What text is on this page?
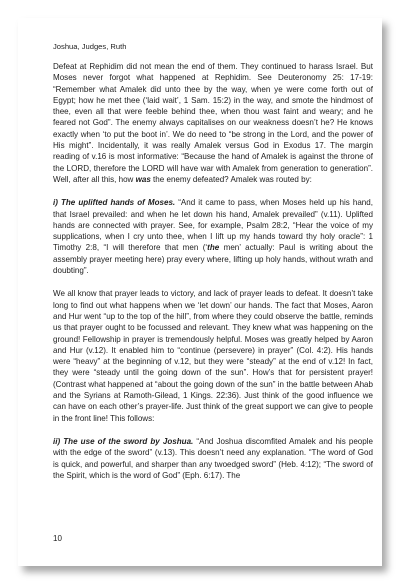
Joshua, Judges, Ruth

Defeat at Rephidim did not mean the end of them. They continued to harass Israel. But Moses never forgot what happened at Rephidim. See Deuteronomy 25: 17-19: “Remember what Amalek did unto thee by the way, when ye were come forth out of Egypt; how he met thee (‘laid wait’, 1 Sam. 15:2) in the way, and smote the hindmost of thee, even all that were feeble behind thee, when thou wast faint and weary; and he feared not God”. The enemy always capitalises on our weakness doesn’t he? He knows exactly when ‘to put the boot in’. We do need to “be strong in the Lord, and the power of His might”. Incidentally, it was really Amalek versus God in Exodus 17. The margin reading of v.16 is most informative: “Because the hand of Amalek is against the throne of the LORD, therefore the LORD will have war with Amalek from generation to generation”. Well, after all this, how was the enemy defeated? Amalek was routed by:

i) The uplifted hands of Moses. “And it came to pass, when Moses held up his hand, that Israel prevailed: and when he let down his hand, Amalek prevailed” (v.11). Uplifted hands are connected with prayer. See, for example, Psalm 28:2, “Hear the voice of my supplications, when I cry unto thee, when I lift up my hands toward thy holy oracle”: 1 Timothy 2:8, “I will therefore that men (‘the men’ actually: Paul is writing about the assembly prayer meeting here) pray every where, lifting up holy hands, without wrath and doubting”.

We all know that prayer leads to victory, and lack of prayer leads to defeat. It doesn’t take long to find out what happens when we ‘let down’ our hands. The fact that Moses, Aaron and Hur went “up to the top of the hill”, from where they could observe the battle, reminds us that prayer ought to be focussed and relevant. They knew what was happening on the ground! Fellowship in prayer is tremendously helpful. Moses was greatly helped by Aaron and Hur (v.12). It enabled him to “continue (persevere) in prayer” (Col. 4:2). His hands were “heavy” at the beginning of v.12, but they were “steady” at the end of v.12! In fact, they were “steady until the going down of the sun”. How’s that for persistent prayer! (Contrast what happened at “about the going down of the sun” in the battle between Ahab and the Syrians at Ramoth-Gilead, 1 Kings. 22:36). Just think of the good influence we can have on each other’s prayer-life. Just think of the great support we can give to people in the front line! This follows:

ii) The use of the sword by Joshua. “And Joshua discomfited Amalek and his people with the edge of the sword” (v.13). This doesn’t need any explanation. “The word of God is quick, and powerful, and sharper than any twoedged sword” (Heb. 4:12); “The sword of the Spirit, which is the word of God” (Eph. 6:17). The

10
